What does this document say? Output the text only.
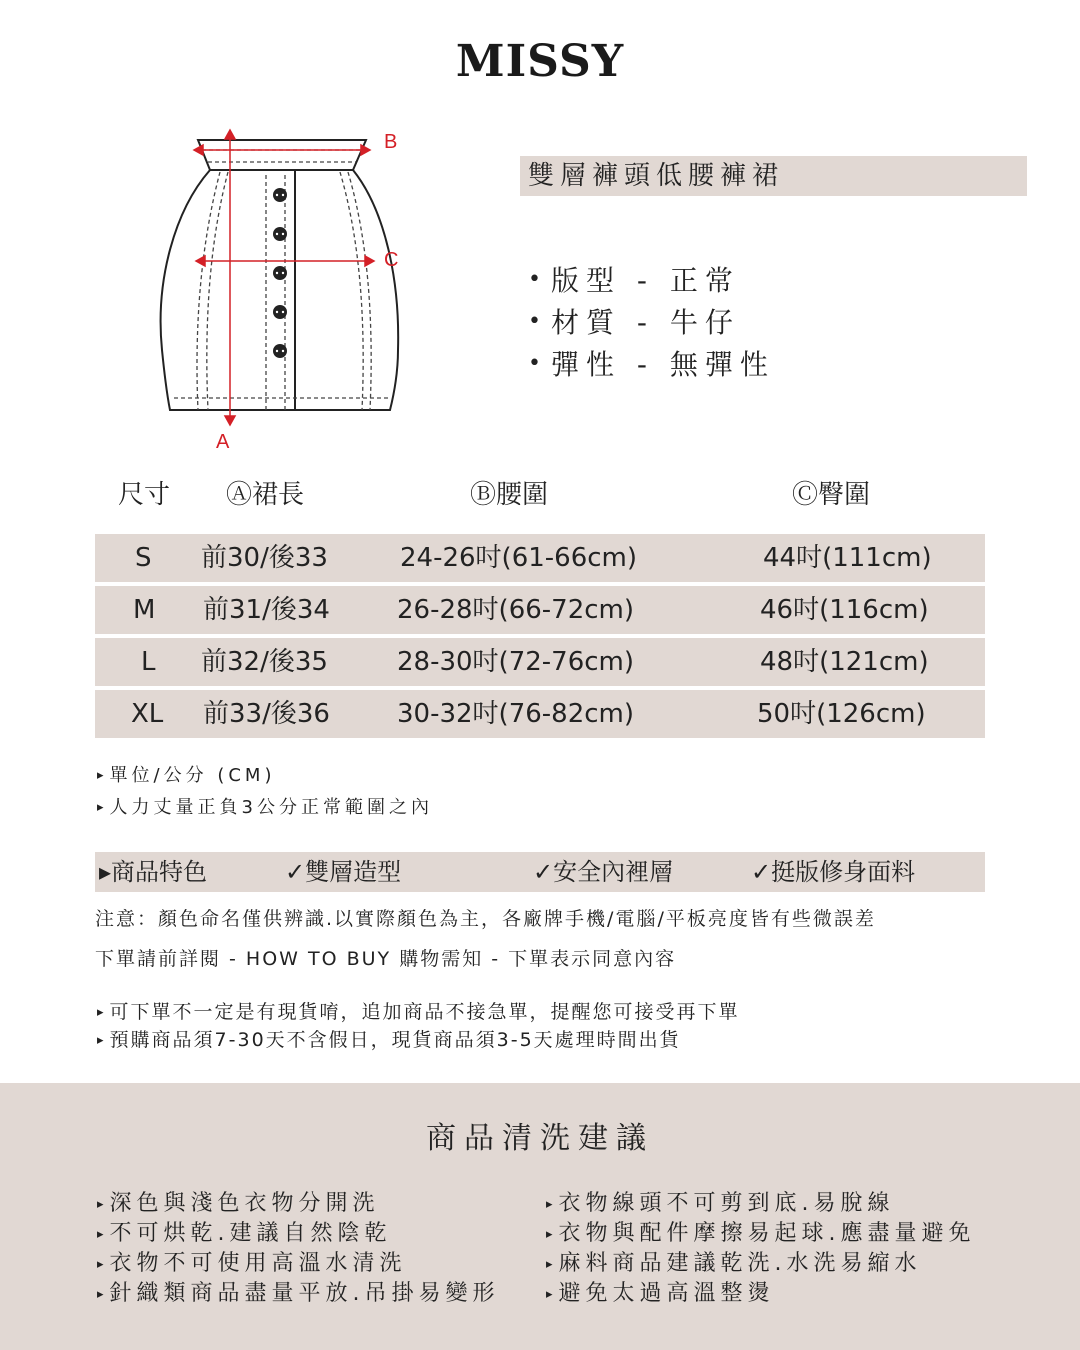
MISSY
A
B
C
雙層褲頭低腰褲裙
• 版型 - 正常
• 材質 - 牛仔
• 彈性 - 無彈性
尺寸 Ⓐ裙長	Ⓑ腰圍	Ⓒ臀圍
S 前30/後33	24-26吋(61-66cm)	44吋(111cm)
M 前31/後34	26-28吋(66-72cm)	46吋(116cm)
L 前32/後35	28-30吋(72-76cm)	48吋(121cm)
XL 前33/後36	30-32吋(76-82cm)	50吋(126cm)
▸ 單位/公分 (CM)
▸ 人力丈量正負3公分正常範圍之內
▸商品特色	✓雙層造型	✓安全內裡層	✓挺版修身面料
注意：顏色命名僅供辨識.以實際顏色為主，各廠牌手機/電腦/平板亮度皆有些微誤差
下單請前詳閱 - HOW TO BUY 購物需知 - 下單表示同意內容
▸ 可下單不一定是有現貨唷，追加商品不接急單，提醒您可接受再下單
▸ 預購商品須7-30天不含假日，現貨商品須3-5天處理時間出貨
商品清洗建議
▸ 深色與淺色衣物分開洗
▸ 不可烘乾.建議自然陰乾
▸ 衣物不可使用高溫水清洗
▸ 針織類商品盡量平放.吊掛易變形
▸ 衣物線頭不可剪到底.易脫線
▸ 衣物與配件摩擦易起球.應盡量避免
▸ 麻料商品建議乾洗.水洗易縮水
▸ 避免太過高溫整燙
